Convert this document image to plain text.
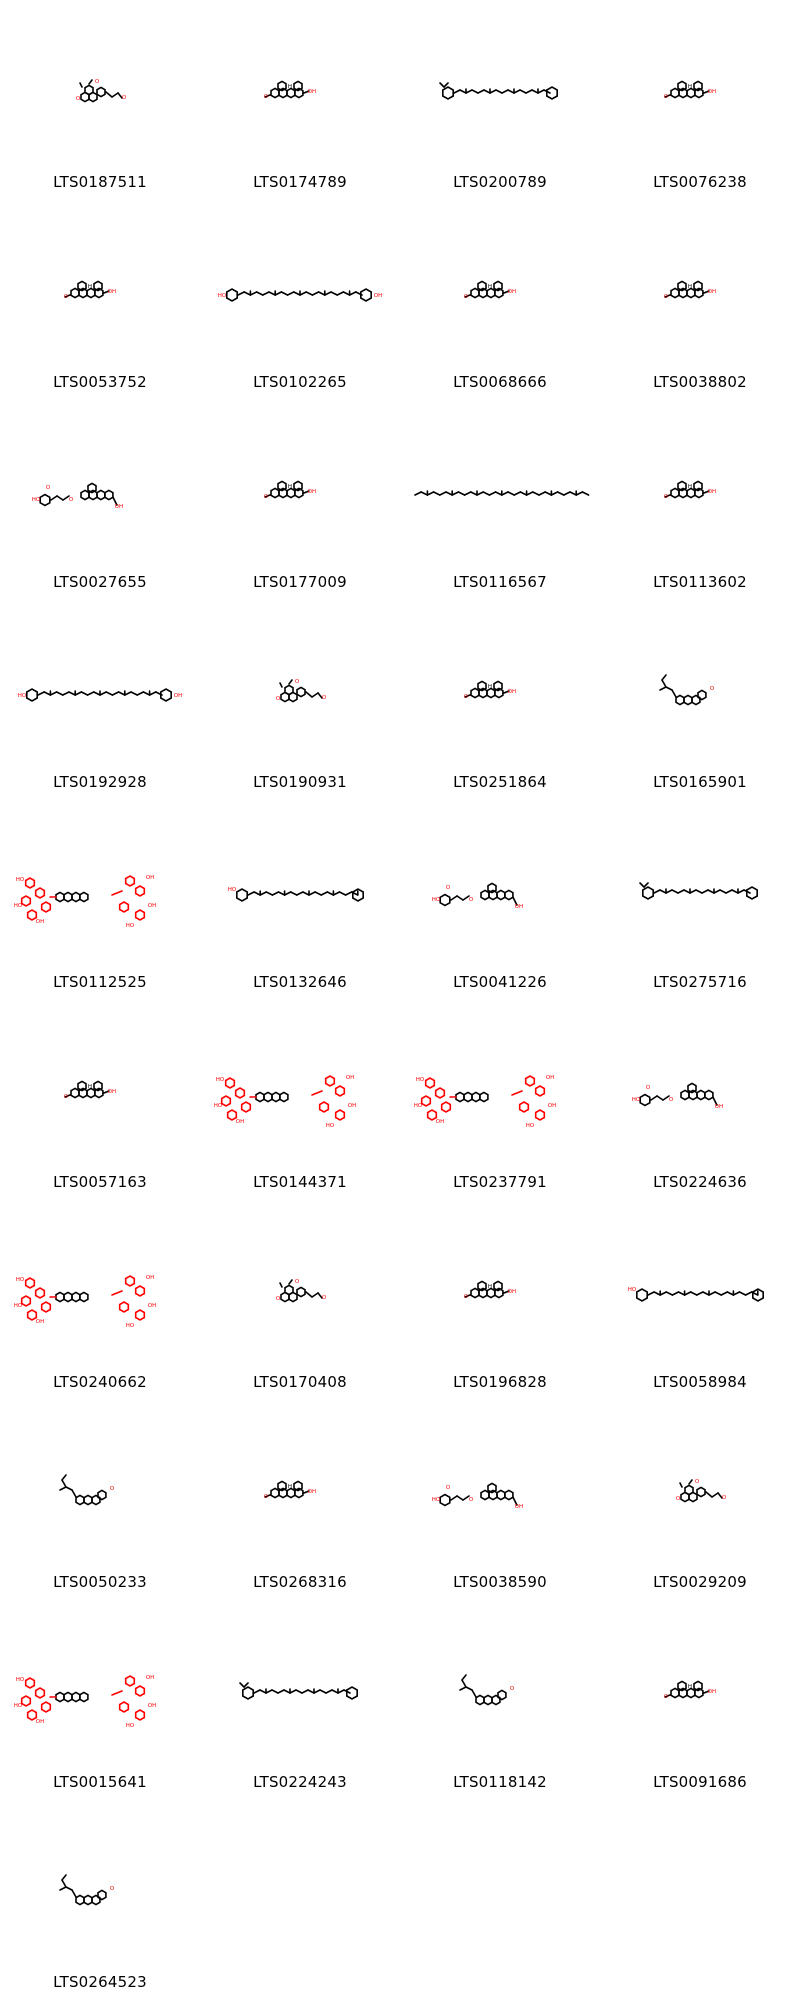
O
O
O
LTS0187511
O
OH
H
LTS0174789	LTS0200789
O
OH
H
LTS0076238
O
OH
H
LTS0053752
HO	OH
LTS0102265
O
OH
H
LTS0068666
O
OH
H
LTS0038802
HO
O
O
OH
LTS0027655
O
OH
H
LTS0177009	LTS0116567
O
OH
H
LTS0113602
HO	OH
LTS0192928
O
O
O
LTS0190931
O
OH
H
LTS0251864
O
LTS0165901
HO
HO
OH
OH
OH
HO
LTS0112525
HO
LTS0132646
HO
O
O
OH
LTS0041226	LTS0275716
O
OH
H
LTS0057163
HO
HO
OH
OH
OH
HO
LTS0144371
HO
HO
OH
OH
OH
HO
LTS0237791
HO
O
O
OH
LTS0224636
HO
HO
OH
OH
OH
HO
LTS0240662
O
O
O
LTS0170408
O
OH
H
LTS0196828
HO
LTS0058984
O
LTS0050233
O
OH
H
LTS0268316
HO
O
O
OH
LTS0038590
O
O
O
LTS0029209
HO
HO
OH
OH
OH
HO
LTS0015641	LTS0224243
O
LTS0118142
O
OH
H
LTS0091686
O
LTS0264523
